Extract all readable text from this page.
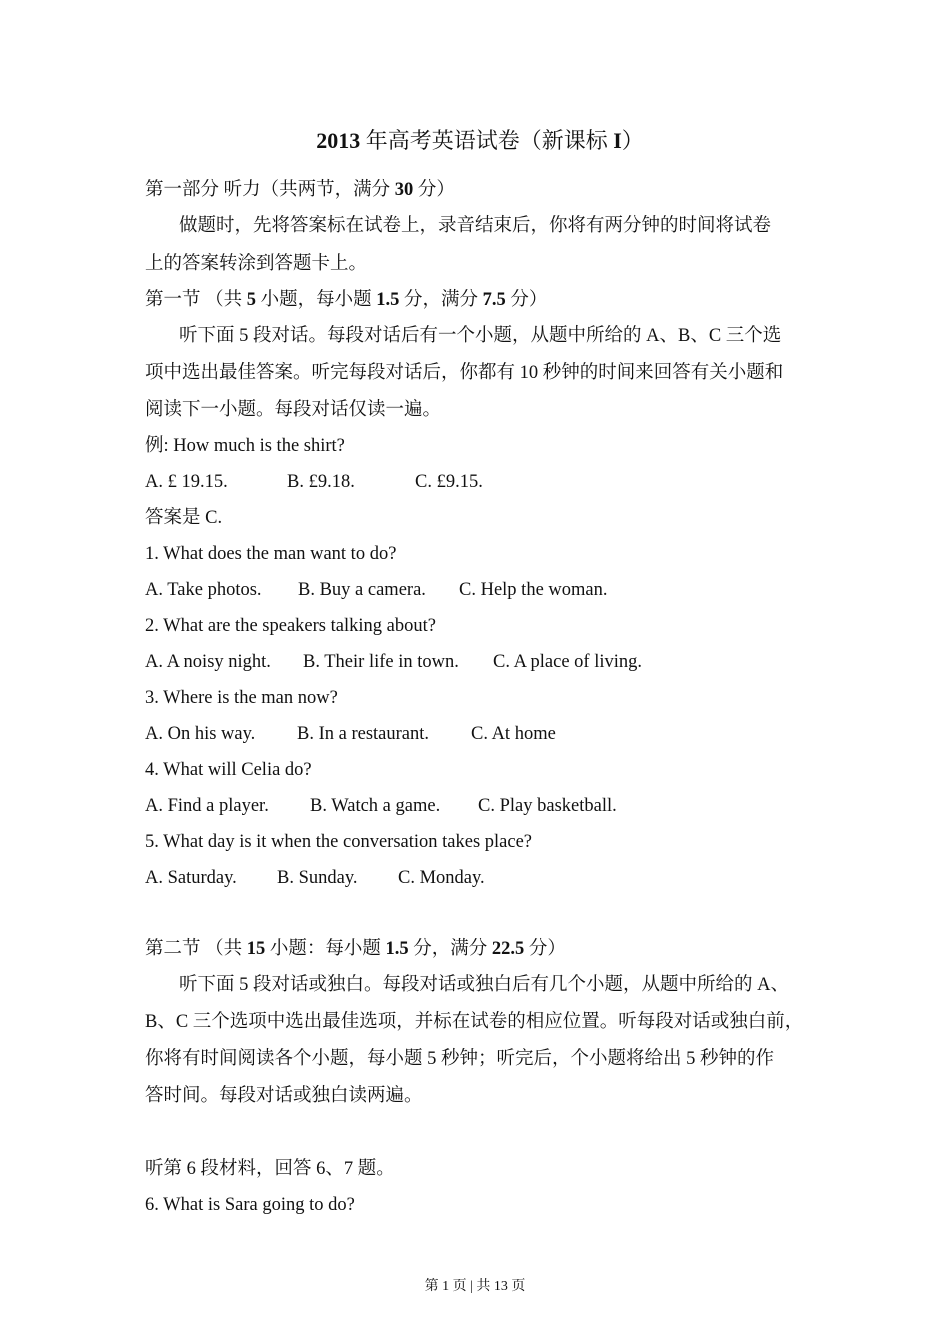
2013 年高考英语试卷（新课标 I）
第一部分 听力（共两节，满分 30 分）
做题时，先将答案标在试卷上，录音结束后，你将有两分钟的时间将试卷
上的答案转涂到答题卡上。
第一节 （共 5 小题，每小题 1.5 分，满分 7.5 分）
听下面 5 段对话。每段对话后有一个小题，从题中所给的 A、B、C 三个选
项中选出最佳答案。听完每段对话后，你都有 10 秒钟的时间来回答有关小题和
阅读下一小题。每段对话仅读一遍。
例: How much is the shirt?
A. £ 19.15.	B. £9.18.	C. £9.15.
答案是 C.
1. What does the man want to do?
A. Take photos. B. Buy a camera. C. Help the woman.
2. What are the speakers talking about?
A. A noisy night. B. Their life in town. C. A place of living.
3. Where is the man now?
A. On his way. B. In a restaurant. C. At home
4. What will Celia do?
A. Find a player. B. Watch a game. C. Play basketball.
5. What day is it when the conversation takes place?
A. Saturday. B. Sunday. C. Monday.
第二节 （共 15 小题：每小题 1.5 分，满分 22.5 分）
听下面 5 段对话或独白。每段对话或独白后有几个小题，从题中所给的 A、
B、C 三个选项中选出最佳选项，并标在试卷的相应位置。听每段对话或独白前，
你将有时间阅读各个小题，每小题 5 秒钟；听完后，个小题将给出 5 秒钟的作
答时间。每段对话或独白读两遍。
听第 6 段材料，回答 6、7 题。
6. What is Sara going to do?
第 1 页 | 共 13 页
